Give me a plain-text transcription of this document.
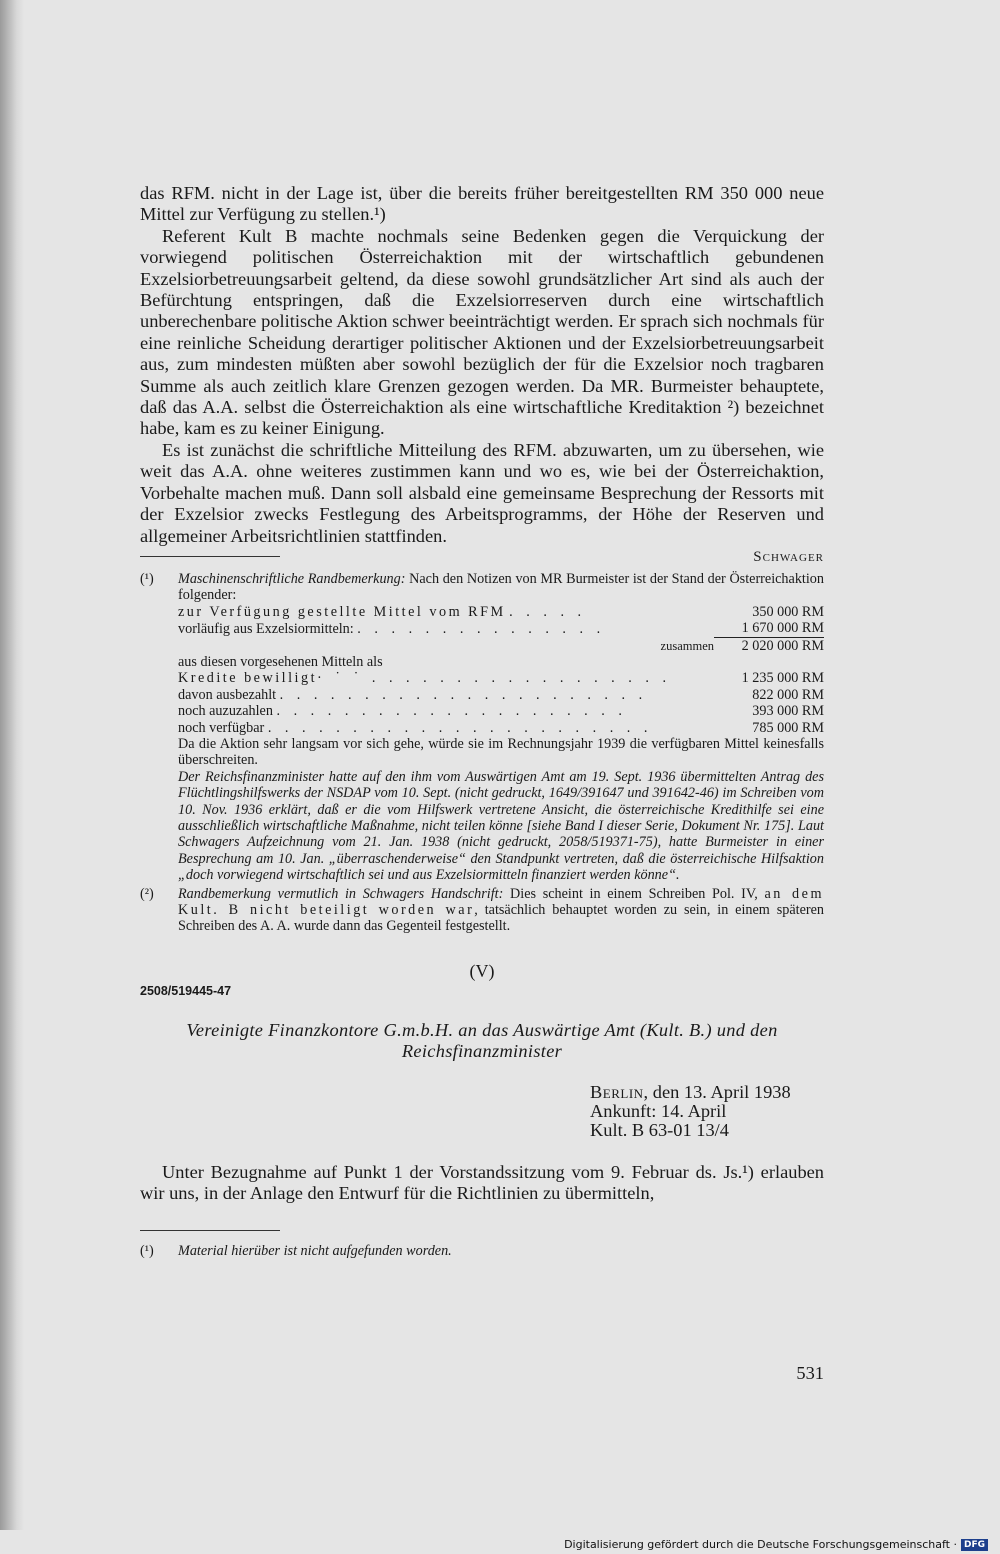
das RFM. nicht in der Lage ist, über die bereits früher bereitgestellten RM 350 000 neue Mittel zur Verfügung zu stellen.¹)

Referent Kult B machte nochmals seine Bedenken gegen die Verquickung der vorwiegend politischen Österreichaktion mit der wirtschaftlich gebundenen Exzelsiorbetreuungsarbeit geltend, da diese sowohl grundsätzlicher Art sind als auch der Befürchtung entspringen, daß die Exzelsiorreserven durch eine wirtschaftlich unberechenbare politische Aktion schwer beeinträchtigt werden. Er sprach sich nochmals für eine reinliche Scheidung derartiger politischer Aktionen und der Exzelsiorbetreuungsarbeit aus, zum mindesten müßten aber sowohl bezüglich der für die Exzelsior noch tragbaren Summe als auch zeitlich klare Grenzen gezogen werden. Da MR. Burmeister behauptete, daß das A.A. selbst die Österreichaktion als eine wirtschaftliche Kreditaktion ²) bezeichnet habe, kam es zu keiner Einigung.

Es ist zunächst die schriftliche Mitteilung des RFM. abzuwarten, um zu übersehen, wie weit das A.A. ohne weiteres zustimmen kann und wo es, wie bei der Österreichaktion, Vorbehalte machen muß. Dann soll alsbald eine gemeinsame Besprechung der Ressorts mit der Exzelsior zwecks Festlegung des Arbeitsprogramms, der Höhe der Reserven und allgemeiner Arbeitsrichtlinien stattfinden.

Schwager
(¹)	Maschinenschriftliche Randbemerkung: Nach den Notizen von MR Burmeister ist der Stand der Österreichaktion folgender:

zur Verfügung gestellte Mittel vom RFM . . . . .	350 000 RM
vorläufig aus Exzelsiormitteln: . . . . . . . . . . . . . . .	1 670 000 RM
zusammen	2 020 000 RM
aus diesen vorgesehenen Mitteln als	
Kredite bewilligt· ˙ ˙ . . . . . . . . . . . . . . . . . .	1 235 000 RM
davon ausbezahlt . . . . . . . . . . . . . . . . . . . . . .	822 000 RM
noch auzuzahlen . . . . . . . . . . . . . . . . . . . . .	393 000 RM
noch verfügbar . . . . . . . . . . . . . . . . . . . . . . .	785 000 RM

Da die Aktion sehr langsam vor sich gehe, würde sie im Rechnungsjahr 1939 die verfügbaren Mittel keinesfalls überschreiten.

Der Reichsfinanzminister hatte auf den ihm vom Auswärtigen Amt am 19. Sept. 1936 übermittelten Antrag des Flüchtlingshilfswerks der NSDAP vom 10. Sept. (nicht gedruckt, 1649/391647 und 391642-46) im Schreiben vom 10. Nov. 1936 erklärt, daß er die vom Hilfswerk vertretene Ansicht, die österreichische Kredithilfe sei eine ausschließlich wirtschaftliche Maßnahme, nicht teilen könne [siehe Band I dieser Serie, Dokument Nr. 175]. Laut Schwagers Aufzeichnung vom 21. Jan. 1938 (nicht gedruckt, 2058/519371-75), hatte Burmeister in einer Besprechung am 10. Jan. „überraschenderweise“ den Standpunkt vertreten, daß die österreichische Hilfsaktion „doch vorwiegend wirtschaftlich sei und aus Exzelsiormitteln finanziert werden könne“.

(²)	Randbemerkung vermutlich in Schwagers Handschrift: Dies scheint in einem Schreiben Pol. IV, an dem Kult. B nicht beteiligt worden war, tatsächlich behauptet worden zu sein, in einem späteren Schreiben des A. A. wurde dann das Gegenteil festgestellt.

(V)
2508/519445-47
Vereinigte Finanzkontore G.m.b.H. an das Auswärtige Amt (Kult. B.) und den Reichsfinanzminister
Berlin, den 13. April 1938
Ankunft: 14. April
Kult. B 63-01 13/4

Unter Bezugnahme auf Punkt 1 der Vorstandssitzung vom 9. Februar ds. Js.¹) erlauben wir uns, in der Anlage den Entwurf für die Richtlinien zu übermitteln,

(¹)	Material hierüber ist nicht aufgefunden worden.
531
Digitalisierung gefördert durch die Deutsche Forschungsgemeinschaft · DFG
